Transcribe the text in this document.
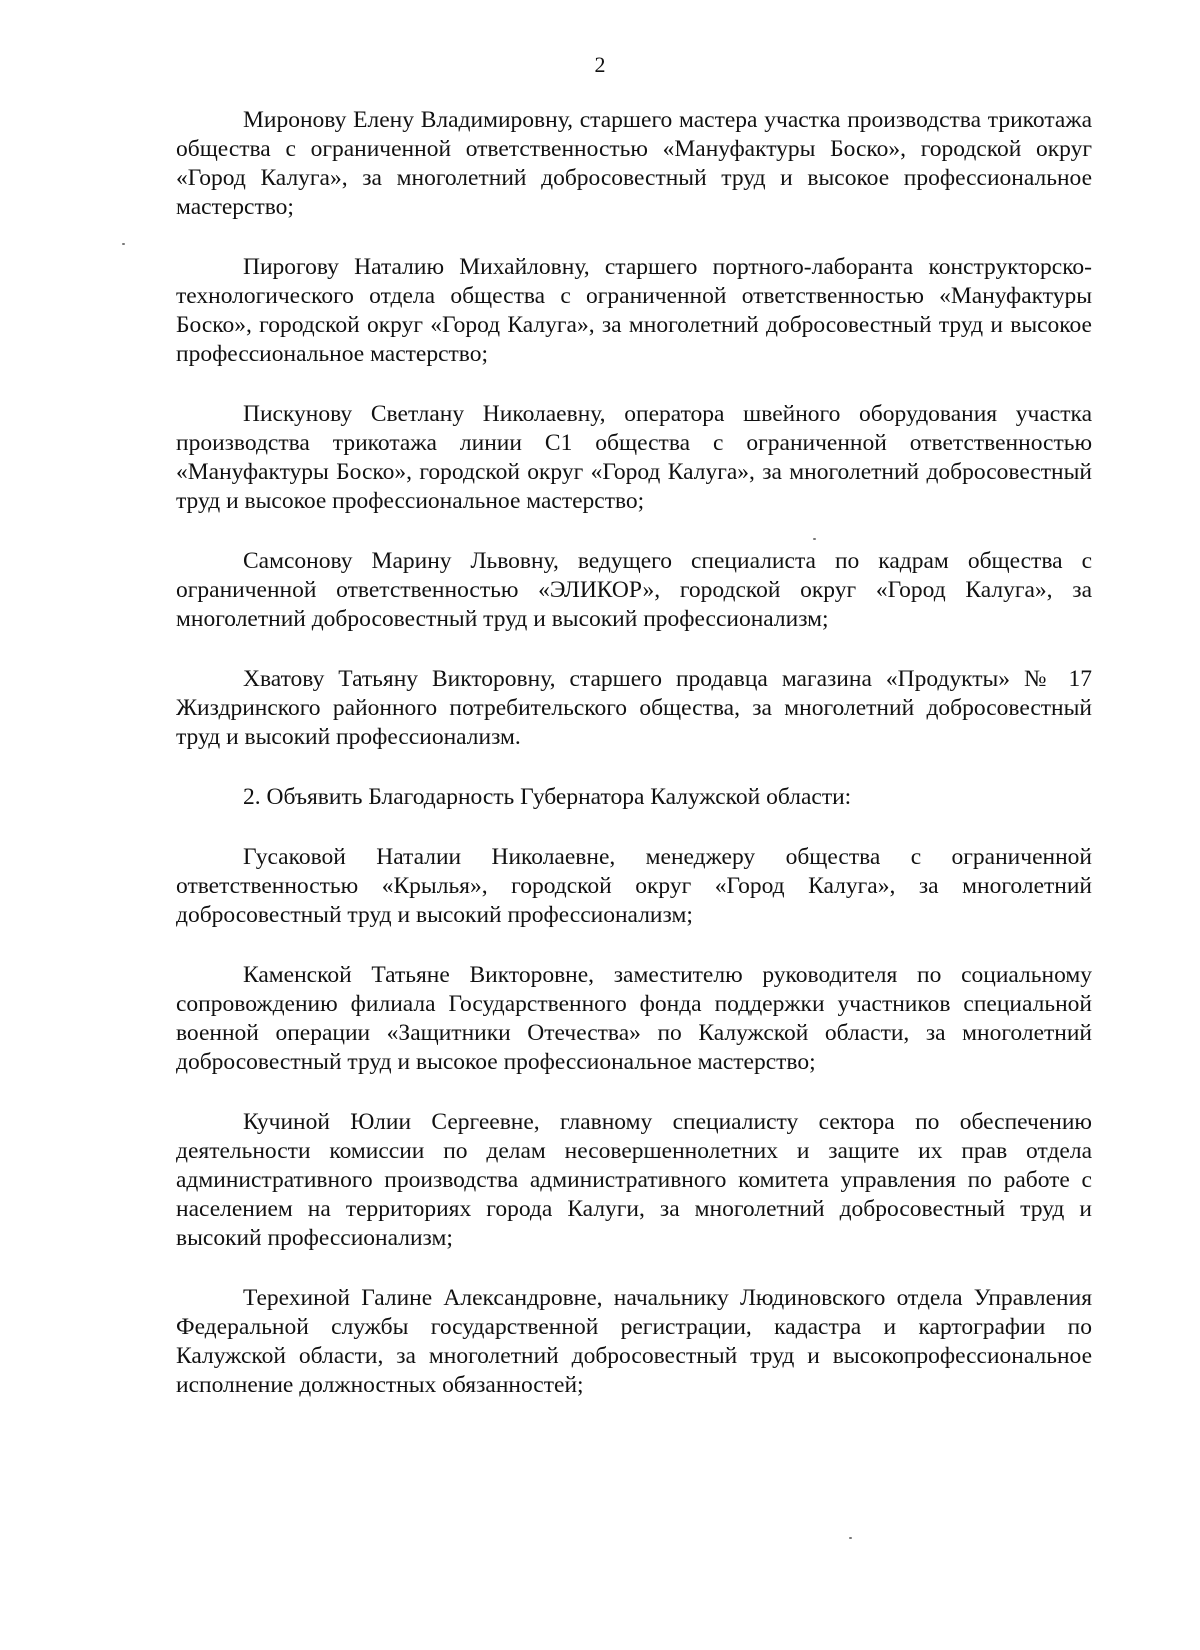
2

Миронову Елену Владимировну, старшего мастера участка производства трикотажа общества с ограниченной ответственностью «Мануфактуры Боско», городской округ «Город Калуга», за многолетний добросовестный труд и высокое профессиональное мастерство;

Пирогову Наталию Михайловну, старшего портного-лаборанта конструкторско-технологического отдела общества с ограниченной ответственностью «Мануфактуры Боско», городской округ «Город Калуга», за многолетний добросовестный труд и высокое профессиональное мастерство;

Пискунову Светлану Николаевну, оператора швейного оборудования участка производства трикотажа линии С1 общества с ограниченной ответственностью «Мануфактуры Боско», городской округ «Город Калуга», за многолетний добросовестный труд и высокое профессиональное мастерство;

Самсонову Марину Львовну, ведущего специалиста по кадрам общества с ограниченной ответственностью «ЭЛИКОР», городской округ «Город Калуга», за многолетний добросовестный труд и высокий профессионализм;

Хватову Татьяну Викторовну, старшего продавца магазина «Продукты» № 17 Жиздринского районного потребительского общества, за многолетний добросовестный труд и высокий профессионализм.

2. Объявить Благодарность Губернатора Калужской области:

Гусаковой Наталии Николаевне, менеджеру общества с ограниченной ответственностью «Крылья», городской округ «Город Калуга», за многолетний добросовестный труд и высокий профессионализм;

Каменской Татьяне Викторовне, заместителю руководителя по социальному сопровождению филиала Государственного фонда поддержки участников специальной военной операции «Защитники Отечества» по Калужской области, за многолетний добросовестный труд и высокое профессиональное мастерство;

Кучиной Юлии Сергеевне, главному специалисту сектора по обеспечению деятельности комиссии по делам несовершеннолетних и защите их прав отдела административного производства административного комитета управления по работе с населением на территориях города Калуги, за многолетний добросовестный труд и высокий профессионализм;

Терехиной Галине Александровне, начальнику Людиновского отдела Управления Федеральной службы государственной регистрации, кадастра и картографии по Калужской области, за многолетний добросовестный труд и высокопрофессиональное исполнение должностных обязанностей;
